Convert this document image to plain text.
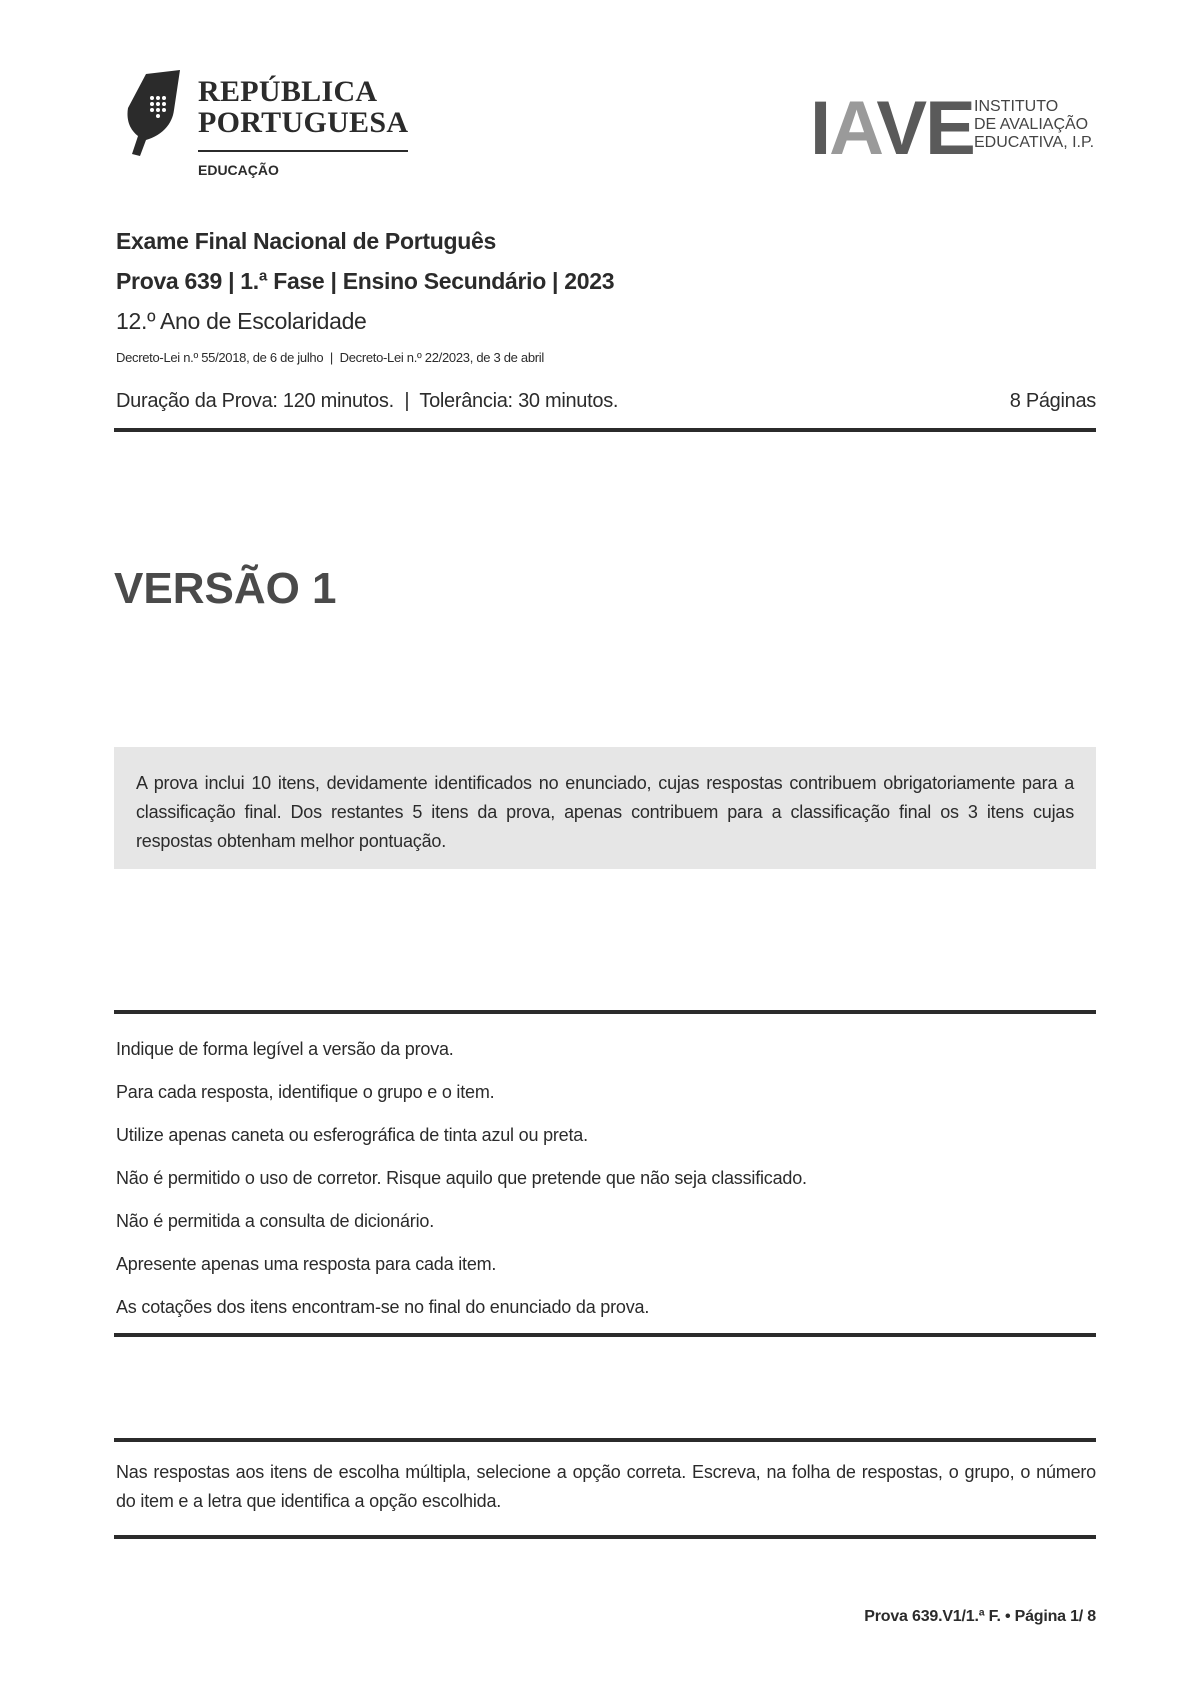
REPÚBLICA
PORTUGUESA
EDUCAÇÃO	IAVE INSTITUTO
DE AVALIAÇÃO
EDUCATIVA, I.P.
Exame Final Nacional de Português
Prova 639 | 1.ª Fase | Ensino Secundário | 2023
12.º Ano de Escolaridade
Decreto-Lei n.º 55/2018, de 6 de julho  |  Decreto-Lei n.º 22/2023, de 3 de abril
Duração da Prova: 120 minutos.  |  Tolerância: 30 minutos.	8 Páginas
VERSÃO 1
A prova inclui 10 itens, devidamente identificados no enunciado, cujas respostas contribuem obrigatoriamente para a classificação final. Dos restantes 5 itens da prova, apenas contribuem para a classificação final os 3 itens cujas respostas obtenham melhor pontuação.
Indique de forma legível a versão da prova.
Para cada resposta, identifique o grupo e o item.
Utilize apenas caneta ou esferográfica de tinta azul ou preta.
Não é permitido o uso de corretor. Risque aquilo que pretende que não seja classificado.
Não é permitida a consulta de dicionário.
Apresente apenas uma resposta para cada item.
As cotações dos itens encontram-se no final do enunciado da prova.
Nas respostas aos itens de escolha múltipla, selecione a opção correta. Escreva, na folha de respostas, o grupo, o número do item e a letra que identifica a opção escolhida.
Prova 639.V1/1.ª F. • Página 1/ 8
